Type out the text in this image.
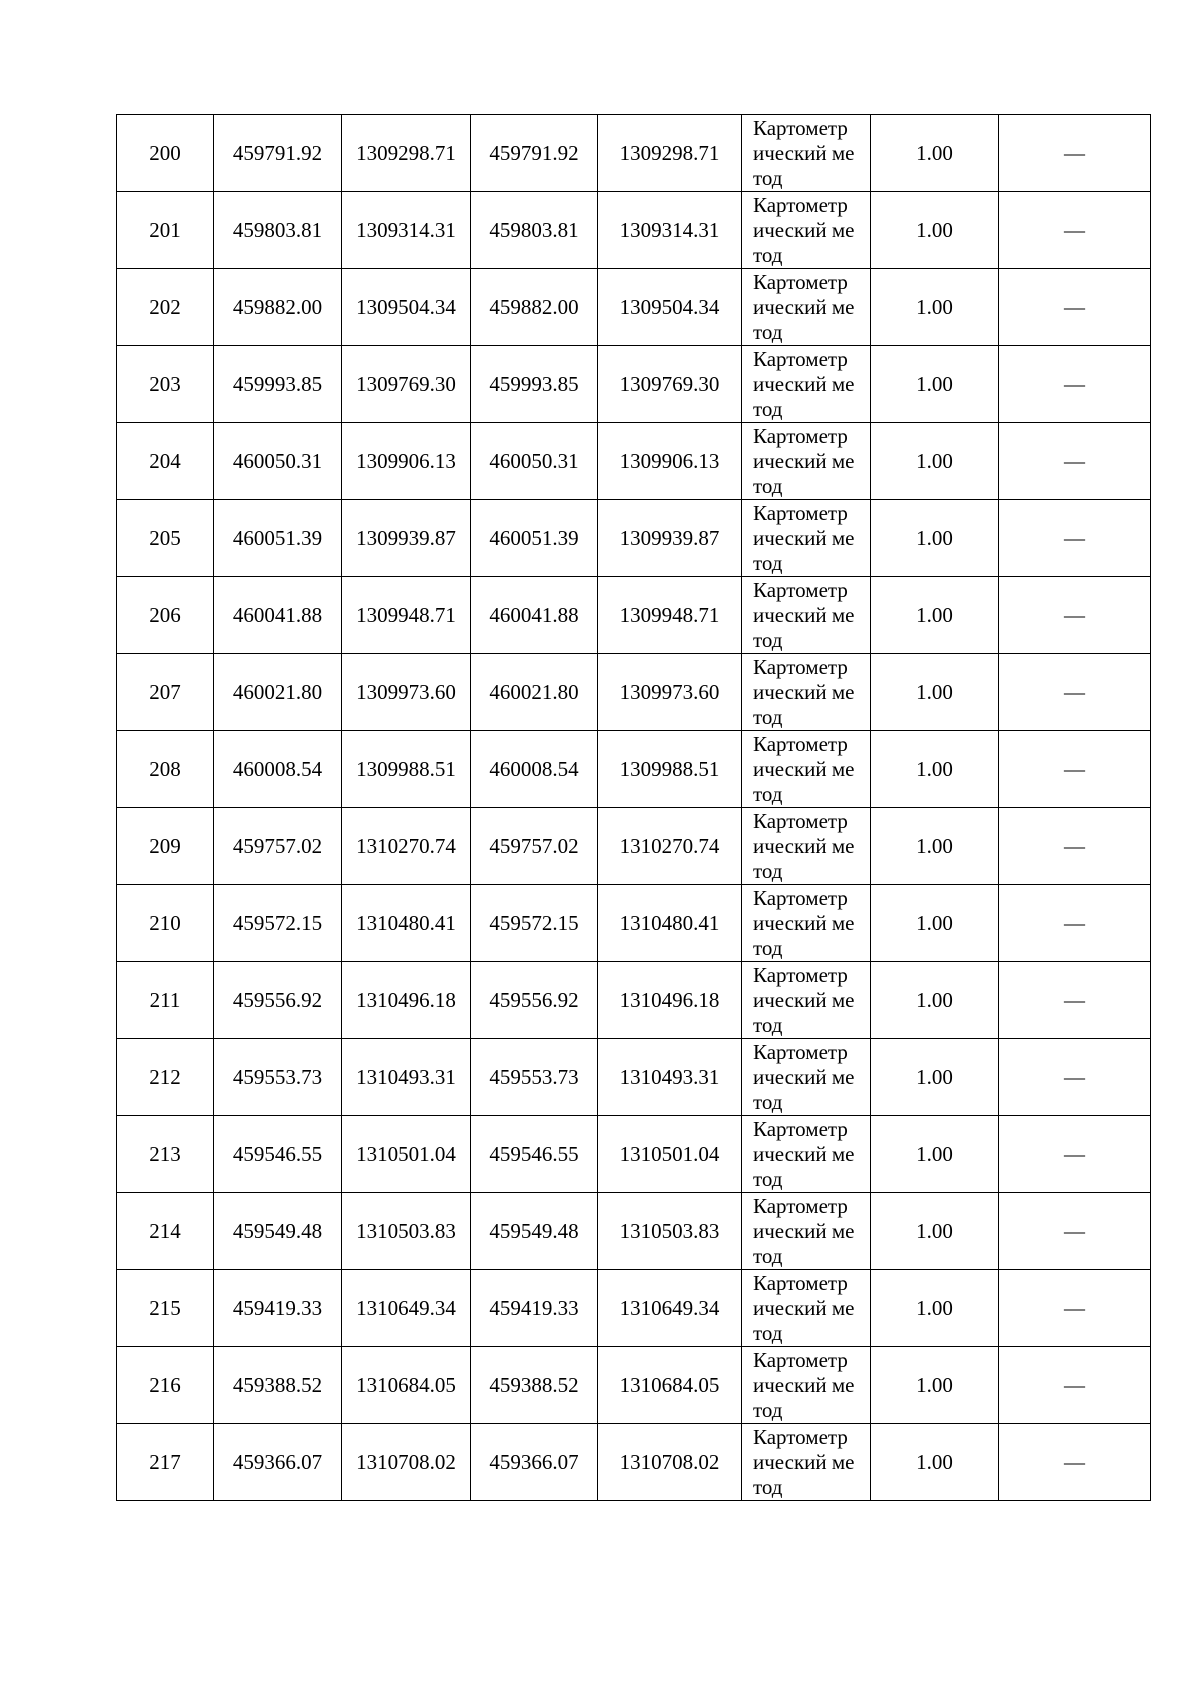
200	459791.92	1309298.71	459791.92	1309298.71	Картометрический метод	1.00	—
201	459803.81	1309314.31	459803.81	1309314.31	Картометрический метод	1.00	—
202	459882.00	1309504.34	459882.00	1309504.34	Картометрический метод	1.00	—
203	459993.85	1309769.30	459993.85	1309769.30	Картометрический метод	1.00	—
204	460050.31	1309906.13	460050.31	1309906.13	Картометрический метод	1.00	—
205	460051.39	1309939.87	460051.39	1309939.87	Картометрический метод	1.00	—
206	460041.88	1309948.71	460041.88	1309948.71	Картометрический метод	1.00	—
207	460021.80	1309973.60	460021.80	1309973.60	Картометрический метод	1.00	—
208	460008.54	1309988.51	460008.54	1309988.51	Картометрический метод	1.00	—
209	459757.02	1310270.74	459757.02	1310270.74	Картометрический метод	1.00	—
210	459572.15	1310480.41	459572.15	1310480.41	Картометрический метод	1.00	—
211	459556.92	1310496.18	459556.92	1310496.18	Картометрический метод	1.00	—
212	459553.73	1310493.31	459553.73	1310493.31	Картометрический метод	1.00	—
213	459546.55	1310501.04	459546.55	1310501.04	Картометрический метод	1.00	—
214	459549.48	1310503.83	459549.48	1310503.83	Картометрический метод	1.00	—
215	459419.33	1310649.34	459419.33	1310649.34	Картометрический метод	1.00	—
216	459388.52	1310684.05	459388.52	1310684.05	Картометрический метод	1.00	—
217	459366.07	1310708.02	459366.07	1310708.02	Картометрический метод	1.00	—
